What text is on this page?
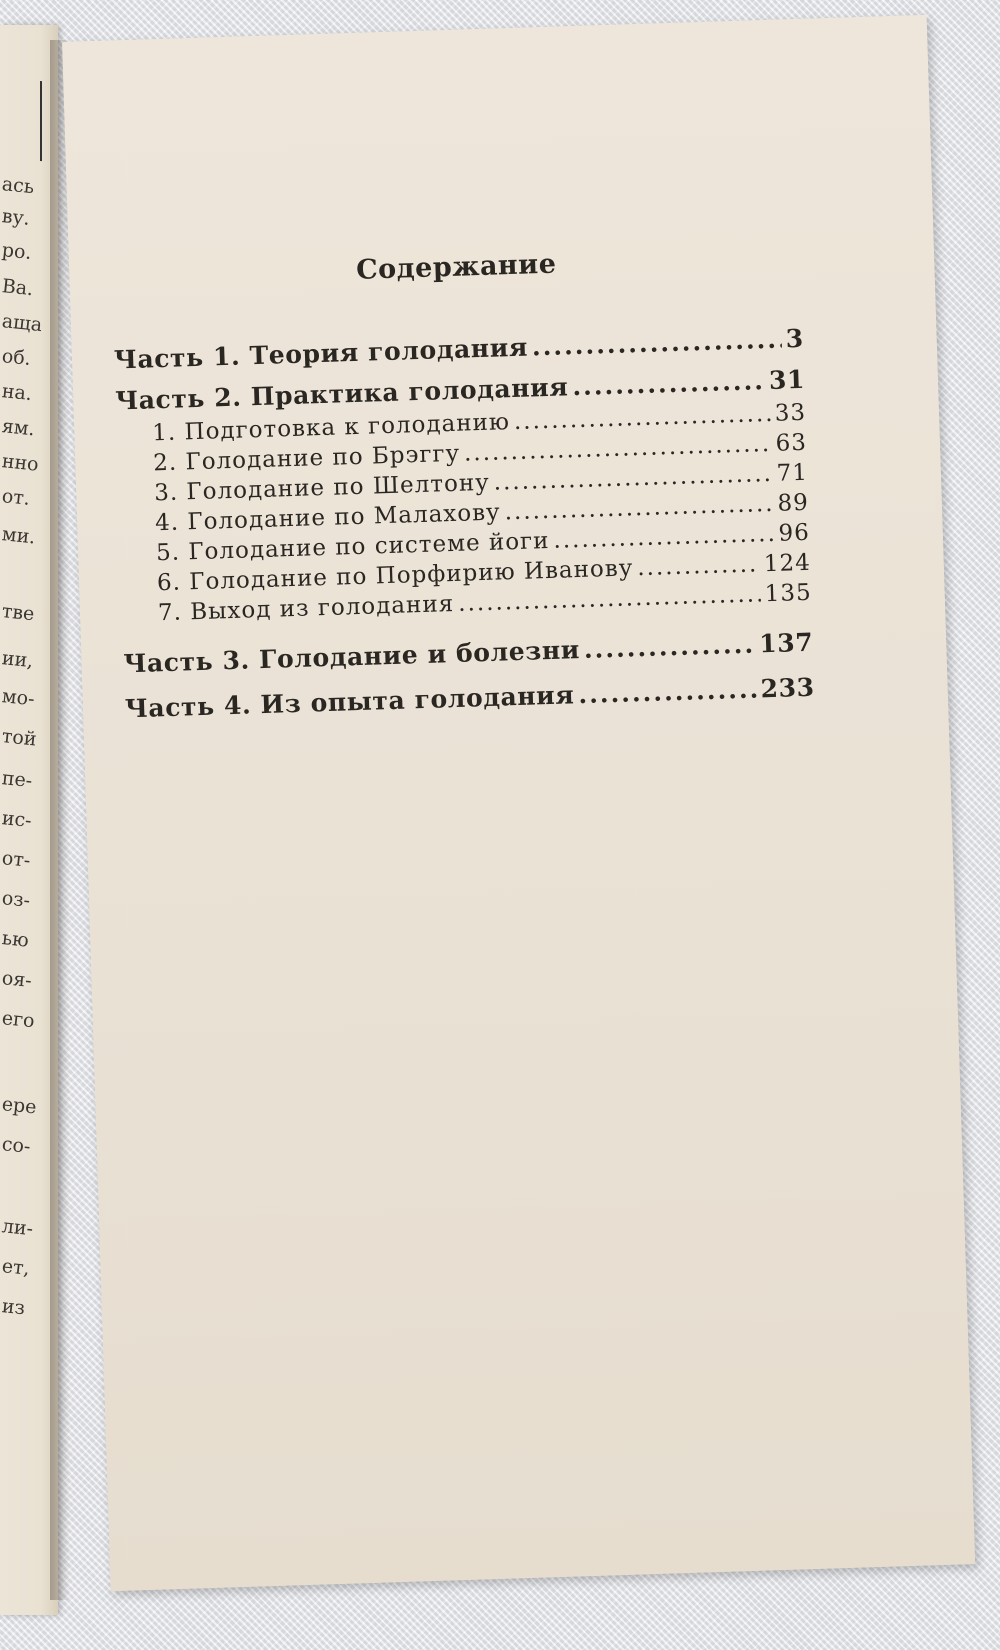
ась
ву.
ро.
Ва.
аща
об.
на.
ям.
нно
от.
ми.
тве
ии,
мо-
той
пе-
ис-
от-
оз-
ью
оя-
его
ере
со-
ли-
ет,
из
Содержание
Часть 1. Теория голодания .....	3
Часть 2. Практика голодания .....	31
1. Подготовка к голоданию .....	33
2. Голодание по Брэггу .....	63
3. Голодание по Шелтону .....	71
4. Голодание по Малахову .....	89
5. Голодание по системе йоги .....	96
6. Голодание по Порфирию Иванову .....	124
7. Выход из голодания .....	135
Часть 3. Голодание и болезни .....	137
Часть 4. Из опыта голодания .....	233
